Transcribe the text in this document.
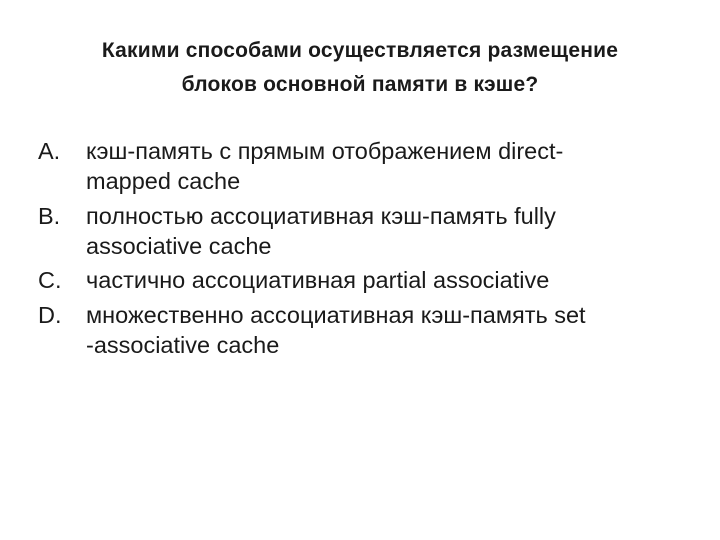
Какими способами осуществляется размещение
блоков основной памяти в кэше?
A. кэш-память с прямым отображением direct-
mapped cache
B. полностью ассоциативная кэш-память fully
associative cache
C. частично ассоциативная partial associative
D. множественно ассоциативная кэш-память set
-associative cache
